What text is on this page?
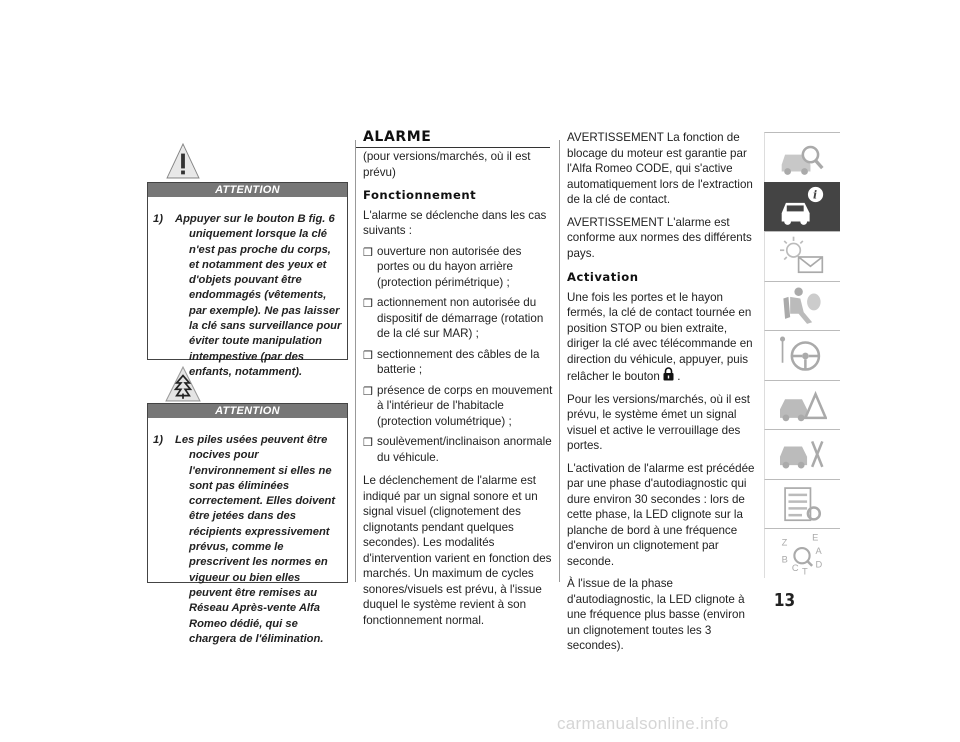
ATTENTION
1)	Appuyer sur le bouton B fig. 6 uniquement lorsque la clé n'est pas proche du corps, et notamment des yeux et d'objets pouvant être endommagés (vêtements, par exemple). Ne pas laisser la clé sans surveillance pour éviter toute manipulation intempestive (par des enfants, notamment).
ATTENTION
1)	Les piles usées peuvent être nocives pour l'environnement si elles ne sont pas éliminées correctement. Elles doivent être jetées dans des récipients expressivement prévus, comme le prescrivent les normes en vigueur ou bien elles peuvent être remises au Réseau Après-vente Alfa Romeo dédié, qui se chargera de l'élimination.
ALARME
(pour versions/marchés, où il est prévu)
Fonctionnement
L'alarme se déclenche dans les cas suivants :
❒ ouverture non autorisée des portes ou du hayon arrière (protection périmétrique) ;
❒ actionnement non autorisée du dispositif de démarrage (rotation de la clé sur MAR) ;
❒ sectionnement des câbles de la batterie ;
❒ présence de corps en mouvement à l'intérieur de l'habitacle (protection volumétrique) ;
❒ soulèvement/inclinaison anormale du véhicule.
Le déclenchement de l'alarme est indiqué par un signal sonore et un signal visuel (clignotement des clignotants pendant quelques secondes). Les modalités d'intervention varient en fonction des marchés. Un maximum de cycles sonores/visuels est prévu, à l'issue duquel le système revient à son fonctionnement normal.
AVERTISSEMENT La fonction de blocage du moteur est garantie par l'Alfa Romeo CODE, qui s'active automatiquement lors de l'extraction de la clé de contact.
AVERTISSEMENT L'alarme est conforme aux normes des différents pays.
Activation
Une fois les portes et le hayon fermés, la clé de contact tournée en position STOP ou bien extraite, diriger la clé avec télécommande en direction du véhicule, appuyer, puis relâcher le bouton .
Pour les versions/marchés, où il est prévu, le système émet un signal visuel et active le verrouillage des portes.
L'activation de l'alarme est précédée par une phase d'autodiagnostic qui dure environ 30 secondes : lors de cette phase, la LED clignote sur la planche de bord à une fréquence d'environ un clignotement par seconde.
À l'issue de la phase d'autodiagnostic, la LED clignote à une fréquence plus basse (environ un clignotement toutes les 3 secondes).
i
13
carmanualsonline.info
Z
E
A
B
D
C T
